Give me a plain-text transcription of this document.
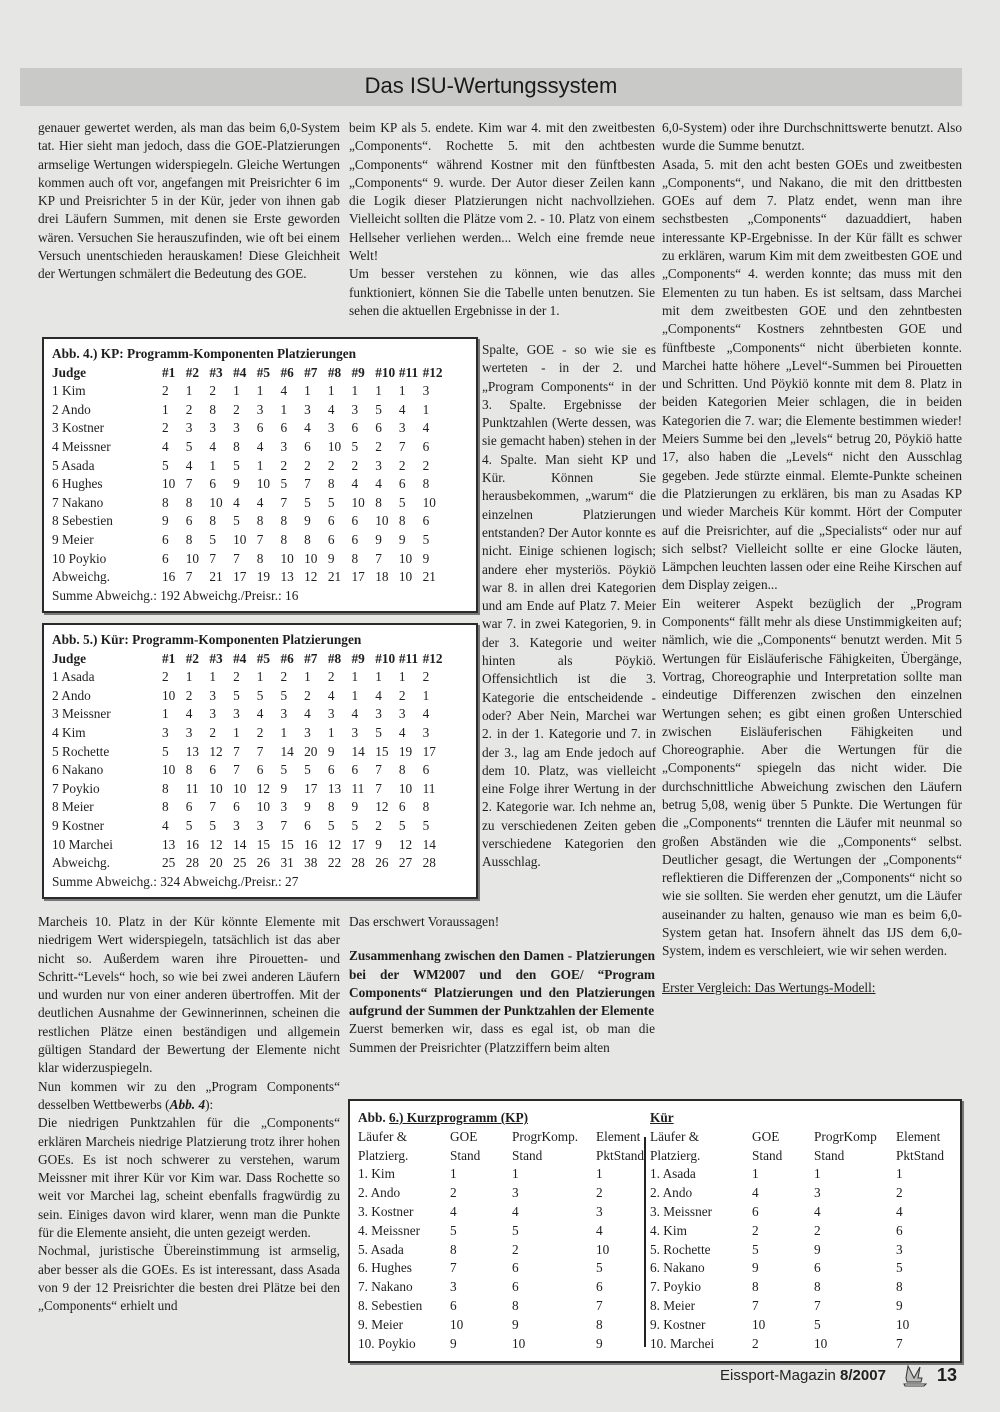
Das ISU-Wertungssystem

genauer gewertet werden, als man das beim 6,0-System tat. Hier sieht man jedoch, dass die GOE-Platzierungen armselige Wertungen widerspiegeln. Gleiche Wertungen kommen auch oft vor, angefangen mit Preisrichter 6 im KP und Preisrichter 5 in der Kür, jeder von ihnen gab drei Läufern Summen, mit denen sie Erste geworden wären. Versuchen Sie herauszufinden, wie oft bei einem Versuch unentschieden herauskamen! Diese Gleichheit der Wertungen schmälert die Bedeutung des GOE.

beim KP als 5. endete. Kim war 4. mit den zweitbesten „Components“. Rochette 5. mit den achtbesten „Components“ während Kostner mit den fünftbesten „Components“ 9. wurde. Der Autor dieser Zeilen kann die Logik dieser Platzierungen nicht nachvollziehen. Vielleicht sollten die Plätze vom 2. - 10. Platz von einem Hellseher verliehen werden... Welch eine fremde neue Welt!

Um besser verstehen zu können, wie das alles funktioniert, können Sie die Tabelle unten benutzen. Sie sehen die aktuellen Ergebnisse in der 1.

Spalte, GOE - so wie sie es werteten - in der 2. und „Program Components“ in der 3. Spalte. Ergebnisse der Punktzahlen (Werte dessen, was sie gemacht haben) stehen in der 4. Spalte. Man sieht KP und Kür. Können Sie herausbekommen, „warum“ die einzelnen Platzierungen entstanden? Der Autor konnte es nicht. Einige schienen logisch; andere eher mysteriös. Pöykiö war 8. in allen drei Kategorien und am Ende auf Platz 7. Meier war 7. in zwei Kategorien, 9. in der 3. Kategorie und weiter hinten als Pöykiö. Offensichtlich ist die 3. Kategorie die entscheidende - oder? Aber Nein, Marchei war 2. in der 1. Kategorie und 7. in der 3., lag am Ende jedoch auf dem 10. Platz, was vielleicht eine Folge ihrer Wertung in der 2. Kategorie war. Ich nehme an, zu verschiedenen Zeiten geben verschiedene Kategorien den Ausschlag.

6,0-System) oder ihre Durchschnittswerte benutzt. Also wurde die Summe benutzt.

Asada, 5. mit den acht besten GOEs und zweitbesten „Components“, und Nakano, die mit den drittbesten GOEs auf dem 7. Platz endet, wenn man ihre sechstbesten „Components“ dazuaddiert, haben interessante KP-Ergebnisse. In der Kür fällt es schwer zu erklären, warum Kim mit dem zweitbesten GOE und „Components“ 4. werden konnte; das muss mit den Elementen zu tun haben. Es ist seltsam, dass Marchei mit dem zweitbesten GOE und den zehntbesten „Components“ Kostners zehntbesten GOE und fünftbeste „Components“ nicht überbieten konnte. Marchei hatte höhere „Level“-Summen bei Pirouetten und Schritten. Und Pöykiö konnte mit dem 8. Platz in beiden Kategorien Meier schlagen, die in beiden Kategorien die 7. war; die Elemente bestimmen wieder! Meiers Summe bei den „levels“ betrug 20, Pöykiö hatte 17, also haben die „Levels“ nicht den Ausschlag gegeben. Jede stürzte einmal. Elemte-Punkte scheinen die Platzierungen zu erklären, bis man zu Asadas KP und wieder Marcheis Kür kommt. Hört der Computer auf die Preisrichter, auf die „Specialists“ oder nur auf sich selbst? Vielleicht sollte er eine Glocke läuten, Lämpchen leuchten lassen oder eine Reihe Kirschen auf dem Display zeigen...

Ein weiterer Aspekt bezüglich der „Program Components“ fällt mehr als diese Unstimmigkeiten auf; nämlich, wie die „Components“ benutzt werden. Mit 5 Wertungen für Eisläuferische Fähigkeiten, Übergänge, Vortrag, Choreographie und Interpretation sollte man eindeutige Differenzen zwischen den einzelnen Wertungen sehen; es gibt einen großen Unterschied zwischen Eisläuferischen Fähigkeiten und Choreographie. Aber die Wertungen für die „Components“ spiegeln das nicht wider. Die durchschnittliche Abweichung zwischen den Läufern betrug 5,08, wenig über 5 Punkte. Die Wertungen für die „Components“ trennten die Läufer mit neunmal so großen Abständen wie die „Components“ selbst. Deutlicher gesagt, die Wertungen der „Components“ reflektieren die Differenzen der „Components“ nicht so wie sie sollten. Sie werden eher genutzt, um die Läufer auseinander zu halten, genauso wie man es beim 6,0-System getan hat. Insofern ähnelt das IJS dem 6,0-System, indem es verschleiert, wie wir sehen werden.

Erster Vergleich: Das Wertungs-Modell:

Abb. 4.) KP: Programm-Komponenten Platzierungen
Judge	#1 #2 #3 #4 #5 #6 #7 #8 #9 #10 #11 #12
1 Kim	2	1	2	1	1	4	1	1	1	1	1	3
2 Ando	1	2	8	2	3	1	3	4	3	5	4	1
3 Kostner	2	3	3	3	6	6	4	3	6	6	3	4
4 Meissner	4	5	4	8	4	3	6	10 5	2	7	6
5 Asada	5	4	1	5	1	2	2	2	2	3	2	2
6 Hughes	10 7	6	9	10 5	7	8	4	4	6	8
7 Nakano	8	8	10 4	4	7	5	5	10 8	5	10
8 Sebestien	9	6	8	5	8	8	9	6	6	10 8	6
9 Meier	6	8	5	10 7	8	8	6	6	9	9	5
10 Poykio	6	10 7	7	8	10 10 9	8	7	10 9
Abweichg.	16 7	21 17 19 13 12 21 17 18 10 21
Summe Abweichg.: 192 Abweichg./Preisr.: 16
Abb. 5.) Kür: Programm-Komponenten Platzierungen
Judge	#1 #2 #3 #4 #5 #6 #7 #8 #9 #10 #11 #12
1 Asada	2	1	1	2	1	2	1	2	1	1	1	2
2 Ando	10 2	3	5	5	5	2	4	1	4	2	1
3 Meissner	1	4	3	3	4	3	4	3	4	3	3	4
4 Kim	3	3	2	1	2	1	3	1	3	5	4	3
5 Rochette	5	13 12 7	7	14 20 9	14 15 19 17
6 Nakano	10 8	6	7	6	5	5	6	6	7	8	6
7 Poykio	8	11 10 10 12 9	17 13 11 7	10 11
8 Meier	8	6	7	6	10 3	9	8	9	12 6	8
9 Kostner	4	5	5	3	3	7	6	5	5	2	5	5
10 Marchei	13 16 12 14 15 15 16 12 17 9	12 14
Abweichg.	25 28 20 25 26 31 38 22 28 26 27 28
Summe Abweichg.: 324 Abweichg./Preisr.: 27

Marcheis 10. Platz in der Kür könnte Elemente mit niedrigem Wert widerspiegeln, tatsächlich ist das aber nicht so. Außerdem waren ihre Pirouetten- und Schritt-“Levels“ hoch, so wie bei zwei anderen Läufern und wurden nur von einer anderen übertroffen. Mit der deutlichen Ausnahme der Gewinnerinnen, scheinen die restlichen Plätze einen beständigen und allgemein gültigen Standard der Bewertung der Elemente nicht klar widerzuspiegeln.

Nun kommen wir zu den „Program Components“ desselben Wettbewerbs (Abb. 4):

Die niedrigen Punktzahlen für die „Components“ erklären Marcheis niedrige Platzierung trotz ihrer hohen GOEs. Es ist noch schwerer zu verstehen, warum Meissner mit ihrer Kür vor Kim war. Dass Rochette so weit vor Marchei lag, scheint ebenfalls fragwürdig zu sein. Einiges davon wird klarer, wenn man die Punkte für die Elemente ansieht, die unten gezeigt werden.

Nochmal, juristische Übereinstimmung ist armselig, aber besser als die GOEs. Es ist interessant, dass Asada von 9 der 12 Preisrichter die besten drei Plätze bei den „Components“ erhielt und

Das erschwert Voraussagen!

Zusammenhang zwischen den Damen - Platzierungen bei der WM2007 und den GOE/ “Program Components“ Platzierungen und den Platzierungen aufgrund der Summen der Punktzahlen der Elemente

Zuerst bemerken wir, dass es egal ist, ob man die Summen der Preisrichter (Platzziffern beim alten

Abb. 6.) Kurzprogramm (KP)
Läufer &	GOE	ProgrKomp.	Element
Platzierg.	Stand	Stand	PktStand
1. Kim	1	1	1
2. Ando	2	3	2
3. Kostner	4	4	3
4. Meissner	5	5	4
5. Asada	8	2	10
6. Hughes	7	6	5
7. Nakano	3	6	6
8. Sebestien	6	8	7
9. Meier	10	9	8
10. Poykio	9	10	9
Kür
Läufer &	GOE	ProgrKomp	Element
Platzierg.	Stand	Stand	PktStand
1. Asada	1	1	1
2. Ando	4	3	2
3. Meissner	6	4	4
4. Kim	2	2	6
5. Rochette	5	9	3
6. Nakano	9	6	5
7. Poykio	8	8	8
8. Meier	7	7	9
9. Kostner	10	5	10
10. Marchei	2	10	7
Eissport-Magazin 8/2007	13
